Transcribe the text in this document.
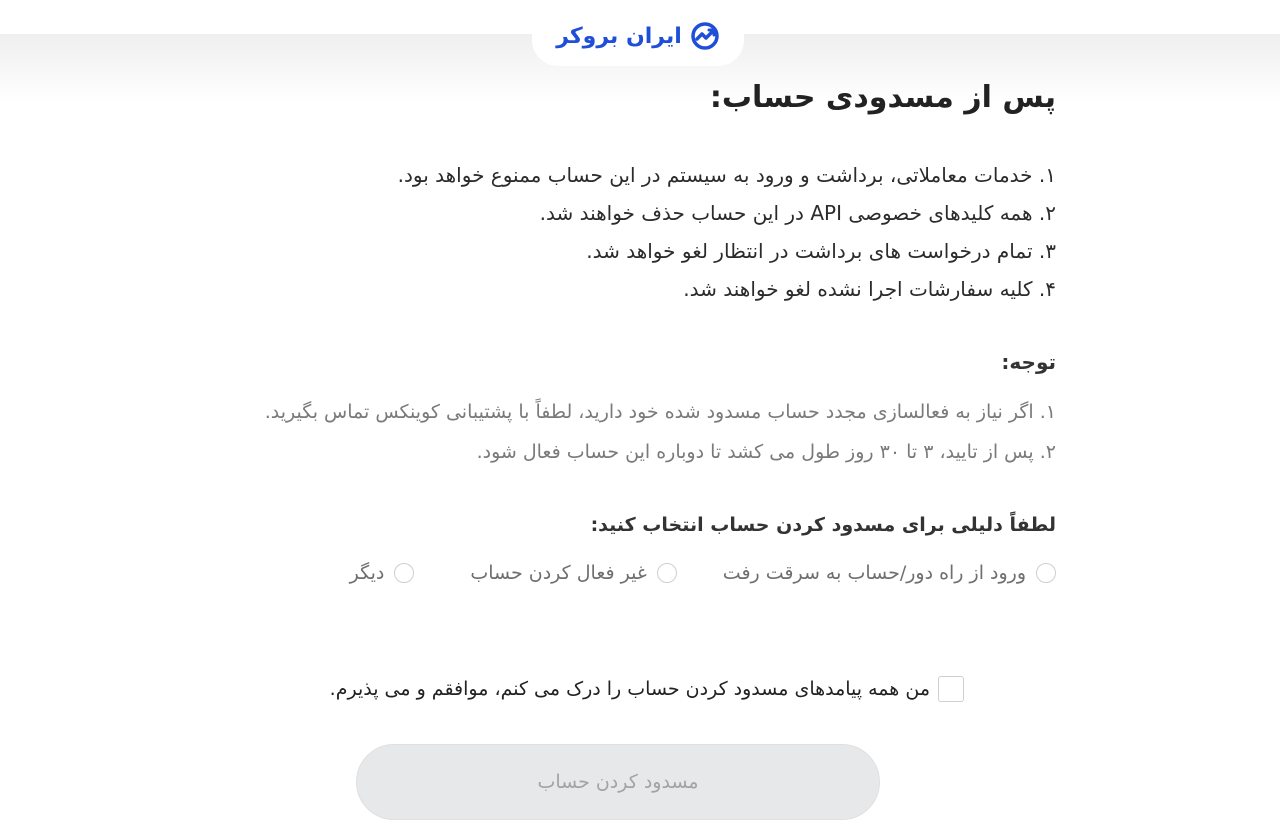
ایران بروکر
پس از مسدودی حساب:
۱. خدمات معاملاتی، برداشت و ورود به سیستم در این حساب ممنوع خواهد بود.
۲. همه کلیدهای خصوصی API در این حساب حذف خواهند شد.
۳. تمام درخواست های برداشت در انتظار لغو خواهد شد.
۴. کلیه سفارشات اجرا نشده لغو خواهند شد.
توجه:
۱. اگر نیاز به فعالسازی مجدد حساب مسدود شده خود دارید، لطفاً با پشتیبانی کوینکس تماس بگیرید.
۲. پس از تایید، ۳ تا ۳۰ روز طول می کشد تا دوباره این حساب فعال شود.
لطفاً دلیلی برای مسدود کردن حساب انتخاب کنید:
ورود از راه دور/حساب به سرقت رفت
غیر فعال کردن حساب
دیگر
من همه پیامدهای مسدود کردن حساب را درک می کنم، موافقم و می پذیرم.
مسدود کردن حساب
